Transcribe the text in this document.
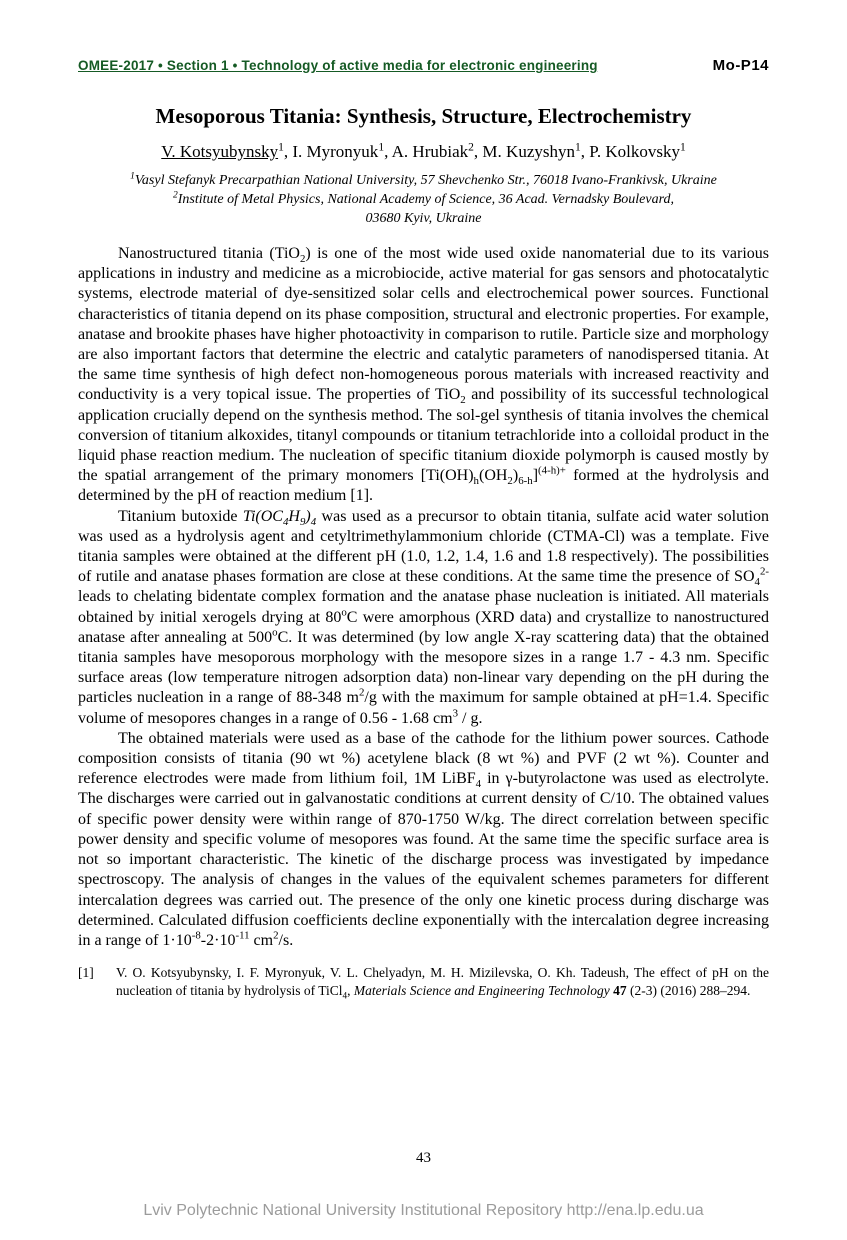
OMEE-2017 • Section 1 • Technology of active media for electronic engineering	Mo-P14
Mesoporous Titania: Synthesis, Structure, Electrochemistry
V. Kotsyubynsky$^1$, I. Myronyuk$^1$, A. Hrubiak$^2$, M. Kuzyshyn$^1$, P. Kolkovsky$^1$
$^1$Vasyl Stefanyk Precarpathian National University, 57 Shevchenko Str., 76018 Ivano-Frankivsk, Ukraine
$^2$Institute of Metal Physics, National Academy of Science, 36 Acad. Vernadsky Boulevard,
03680 Kyiv, Ukraine

Nanostructured titania (TiO$_2$) is one of the most wide used oxide nanomaterial due to its various applications in industry and medicine as a microbiocide, active material for gas sensors and photocatalytic systems, electrode material of dye-sensitized solar cells and electrochemical power sources. Functional characteristics of titania depend on its phase composition, structural and electronic properties. For example, anatase and brookite phases have higher photoactivity in comparison to rutile. Particle size and morphology are also important factors that determine the electric and catalytic parameters of nanodispersed titania. At the same time synthesis of high defect non-homogeneous porous materials with increased reactivity and conductivity is a very topical issue. The properties of TiO$_2$ and possibility of its successful technological application crucially depend on the synthesis method. The sol-gel synthesis of titania involves the chemical conversion of titanium alkoxides, titanyl compounds or titanium tetrachloride into a colloidal product in the liquid phase reaction medium. The nucleation of specific titanium dioxide polymorph is caused mostly by the spatial arrangement of the primary monomers $[Ti(OH)_h(OH_2)_{6-h}]^{(4-h)+}$ formed at the hydrolysis and determined by the pH of reaction medium [1].

Titanium butoxide $Ti(OC_4H_9)_4$ was used as a precursor to obtain titania, sulfate acid water solution was used as a hydrolysis agent and cetyltrimethylammonium chloride (CTMA-Cl) was a template. Five titania samples were obtained at the different pH (1.0, 1.2, 1.4, 1.6 and 1.8 respectively). The possibilities of rutile and anatase phases formation are close at these conditions. At the same time the presence of $SO_4^{2-}$ leads to chelating bidentate complex formation and the anatase phase nucleation is initiated. All materials obtained by initial xerogels drying at 80$^o$C were amorphous (XRD data) and crystallize to nanostructured anatase after annealing at 500$^o$C. It was determined (by low angle X-ray scattering data) that the obtained titania samples have mesoporous morphology with the mesopore sizes in a range 1.7 - 4.3 nm. Specific surface areas (low temperature nitrogen adsorption data) non-linear vary depending on the pH during the particles nucleation in a range of 88-348 $m^2/g$ with the maximum for sample obtained at pH=1.4. Specific volume of mesopores changes in a range of 0.56 - 1.68 $cm^3$ / g.

The obtained materials were used as a base of the cathode for the lithium power sources. Cathode composition consists of titania (90 wt %) acetylene black (8 wt %) and PVF (2 wt %). Counter and reference electrodes were made from lithium foil, 1M LiBF$_4$ in γ-butyrolactone was used as electrolyte. The discharges were carried out in galvanostatic conditions at current density of C/10. The obtained values of specific power density were within range of 870-1750 W/kg. The direct correlation between specific power density and specific volume of mesopores was found. At the same time the specific surface area is not so important characteristic. The kinetic of the discharge process was investigated by impedance spectroscopy. The analysis of changes in the values of the equivalent schemes parameters for different intercalation degrees was carried out. The presence of the only one kinetic process during discharge was determined. Calculated diffusion coefficients decline exponentially with the intercalation degree increasing in a range of $1\cdot 10^{-8}-2\cdot 10^{-11}$ $cm^2/s$.

[1]	V. O. Kotsyubynsky, I. F. Myronyuk, V. L. Chelyadyn, M. H. Mizilevska, O. Kh. Tadeush, The effect of pH on the nucleation of titania by hydrolysis of TiCl$_4$, Materials Science and Engineering Technology 47 (2-3) (2016) 288–294.
43
Lviv Polytechnic National University Institutional Repository http://ena.lp.edu.ua
